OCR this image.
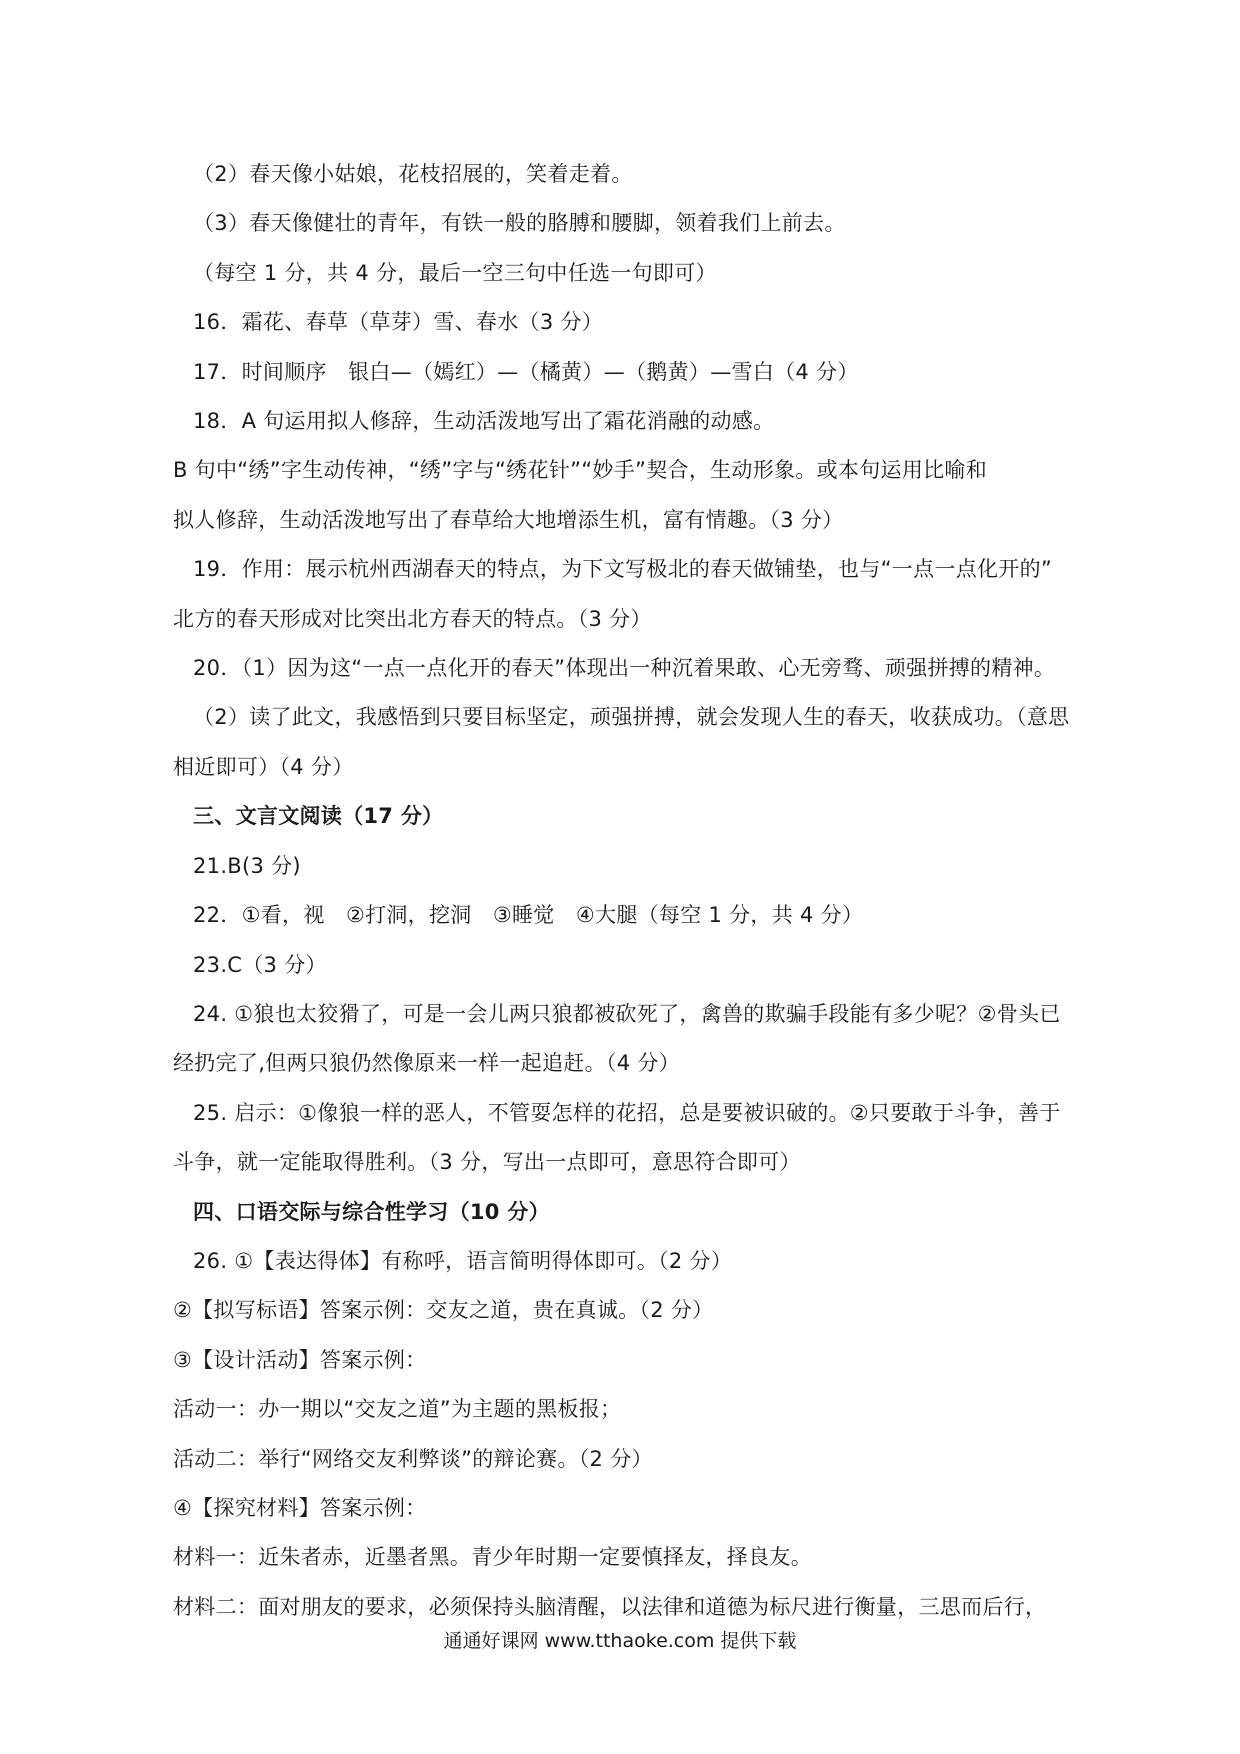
（2）春天像小姑娘，花枝招展的，笑着走着。
（3）春天像健壮的青年，有铁一般的胳膊和腰脚，领着我们上前去。
（每空 1 分，共 4 分，最后一空三句中任选一句即可）
16．霜花、春草（草芽）雪、春水（3 分）
17．时间顺序　银白—（嫣红）—（橘黄）—（鹅黄）—雪白（4 分）
18．A 句运用拟人修辞，生动活泼地写出了霜花消融的动感。
B 句中“绣”字生动传神，“绣”字与“绣花针”“妙手”契合，生动形象。或本句运用比喻和
拟人修辞，生动活泼地写出了春草给大地增添生机，富有情趣。（3 分）
19．作用：展示杭州西湖春天的特点，为下文写极北的春天做铺垫，也与“一点一点化开的”
北方的春天形成对比突出北方春天的特点。（3 分）
20．（1）因为这“一点一点化开的春天”体现出一种沉着果敢、心无旁骛、顽强拼搏的精神。
（2）读了此文，我感悟到只要目标坚定，顽强拼搏，就会发现人生的春天，收获成功。（意思
相近即可）（4 分）
三、文言文阅读（17 分）
21.B(3 分)
22．①看，视　②打洞，挖洞　③睡觉　④大腿（每空 1 分，共 4 分）
23.C（3 分）
24. ①狼也太狡猾了，可是一会儿两只狼都被砍死了，禽兽的欺骗手段能有多少呢？②骨头已
经扔完了,但两只狼仍然像原来一样一起追赶。（4 分）
25. 启示：①像狼一样的恶人，不管耍怎样的花招，总是要被识破的。②只要敢于斗争，善于
斗争，就一定能取得胜利。（3 分，写出一点即可，意思符合即可）
四、口语交际与综合性学习（10 分）
26. ①【表达得体】有称呼，语言简明得体即可。（2 分）
②【拟写标语】答案示例：交友之道，贵在真诚。（2 分）
③【设计活动】答案示例：
活动一：办一期以“交友之道”为主题的黑板报；
活动二：举行“网络交友利弊谈”的辩论赛。（2 分）
④【探究材料】答案示例：
材料一：近朱者赤，近墨者黑。青少年时期一定要慎择友，择良友。
材料二：面对朋友的要求，必须保持头脑清醒，以法律和道德为标尺进行衡量，三思而后行，
通通好课网 www.tthaoke.com 提供下载
